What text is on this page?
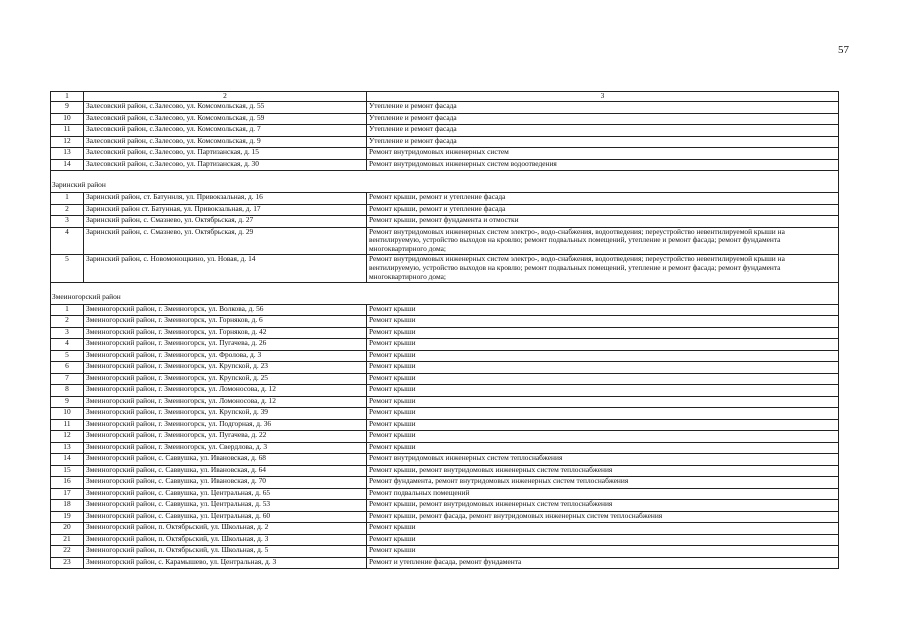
57
1	2	3
9	Залесовский район, с.Залесово, ул. Комсомольская, д. 55	Утепление и ремонт фасада
10	Залесовский район, с.Залесово, ул. Комсомольская, д. 59	Утепление и ремонт фасада
11	Залесовский район, с.Залесово, ул. Комсомольская, д. 7	Утепление и ремонт фасада
12	Залесовский район, с.Залесово, ул. Комсомольская, д. 9	Утепление и ремонт фасада
13	Залесовский район, с.Залесово, ул. Партизанская, д. 15	Ремонт внутридомовых инженерных систем
14	Залесовский район, с.Залесово, ул. Партизанская, д. 30	Ремонт внутридомовых инженерных систем водоотведения

Заринский район		
1	Заринский район, ст. Батуннля, ул. Привокзальная, д. 16	Ремонт крыши, ремонт и утепление фасада
2	Заринский район ст. Батунная, ул. Привокзальная, д. 17	Ремонт крыши, ремонт и утепление фасада
3	Заринский район, с. Смазнево, ул. Октябрьская, д. 27	Ремонт крыши, ремонт фундамента и отмостки
4	Заринский район, с. Смазнево, ул. Октябрьская, д. 29	Ремонт внутридомовых инженерных систем электро-, водо-снабжения, водоотведения; переустройство невентилируемой крыши на вентилируемую, устройство выходов на кровлю; ремонт подвальных помещений, утепление и ремонт фасада; ремонт фундамента многоквартирного дома;
5	Заринский район, с. Новомонощкино, ул. Новая, д. 14	Ремонт внутридомовых инженерных систем электро-, водо-снабжения, водоотведения; переустройство невентилируемой крыши на вентилируемую, устройство выходов на кровлю; ремонт подвальных помещений, утепление и ремонт фасада; ремонт фундамента многоквартирного дома;

Змеиногорский район		
1	Змеиногорский район, г. Змеиногорск, ул. Волкова, д. 56	Ремонт крыши
2	Змеиногорский район, г. Змеиногорск, ул. Горняков, д. 6	Ремонт крыши
3	Змеиногорский район, г. Змеиногорск, ул. Горняков, д. 42	Ремонт крыши
4	Змеиногорский район, г. Змеиногорск, ул. Пугачева, д. 26	Ремонт крыши
5	Змеиногорский район, г. Змеиногорск, ул. Фролова, д. 3	Ремонт крыши
6	Змеиногорский район, г. Змеиногорск, ул. Крупской, д. 23	Ремонт крыши
7	Змеиногорский район, г. Змеиногорск, ул. Крупской, д. 25	Ремонт крыши
8	Змеиногорский район, г. Змеиногорск, ул. Ломоносова, д. 12	Ремонт крыши
9	Змеиногорский район, г. Змеиногорск, ул. Ломоносова, д. 12	Ремонт крыши
10	Змеиногорский район, г. Змеиногорск, ул. Крупской, д. 39	Ремонт крыши
11	Змеиногорский район, г. Змеиногорск, ул. Подгорная, д. 36	Ремонт крыши
12	Змеиногорский район, г. Змеиногорск, ул. Пугачева, д. 22	Ремонт крыши
13	Змеиногорский район, г. Змеиногорск, ул. Свердлова, д. 3	Ремонт крыши
14	Змеиногорский район, с. Саввушка, ул. Ивановская, д. 68	Ремонт внутридомовых инженерных систем теплоснабжения
15	Змеиногорский район, с. Саввушка, ул. Ивановская, д. 64	Ремонт крыши, ремонт внутридомовых инженерных систем теплоснабжения
16	Змеиногорский район, с. Саввушка, ул. Ивановская, д. 70	Ремонт фундамента, ремонт внутридомовых инженерных систем теплоснабжения
17	Змеиногорский район, с. Саввушка, ул. Центральная, д. 65	Ремонт подвальных помещений
18	Змеиногорский район, с. Саввушка, ул. Центральная, д. 53	Ремонт крыши, ремонт внутридомовых инженерных систем теплоснабжения
19	Змеиногорский район, с. Саввушка, ул. Центральная, д. 60	Ремонт крыши, ремонт фасада, ремонт внутридомовых инженерных систем теплоснабжения
20	Змеиногорский район, п. Октябрьский, ул. Школьная, д. 2	Ремонт крыши
21	Змеиногорский район, п. Октябрьский, ул. Школьная, д. 3	Ремонт крыши
22	Змеиногорский район, п. Октябрьский, ул. Школьная, д. 5	Ремонт крыши
23	Змеиногорский район, с. Карамышево, ул. Центральная, д. 3	Ремонт и утепление фасада, ремонт фундамента
